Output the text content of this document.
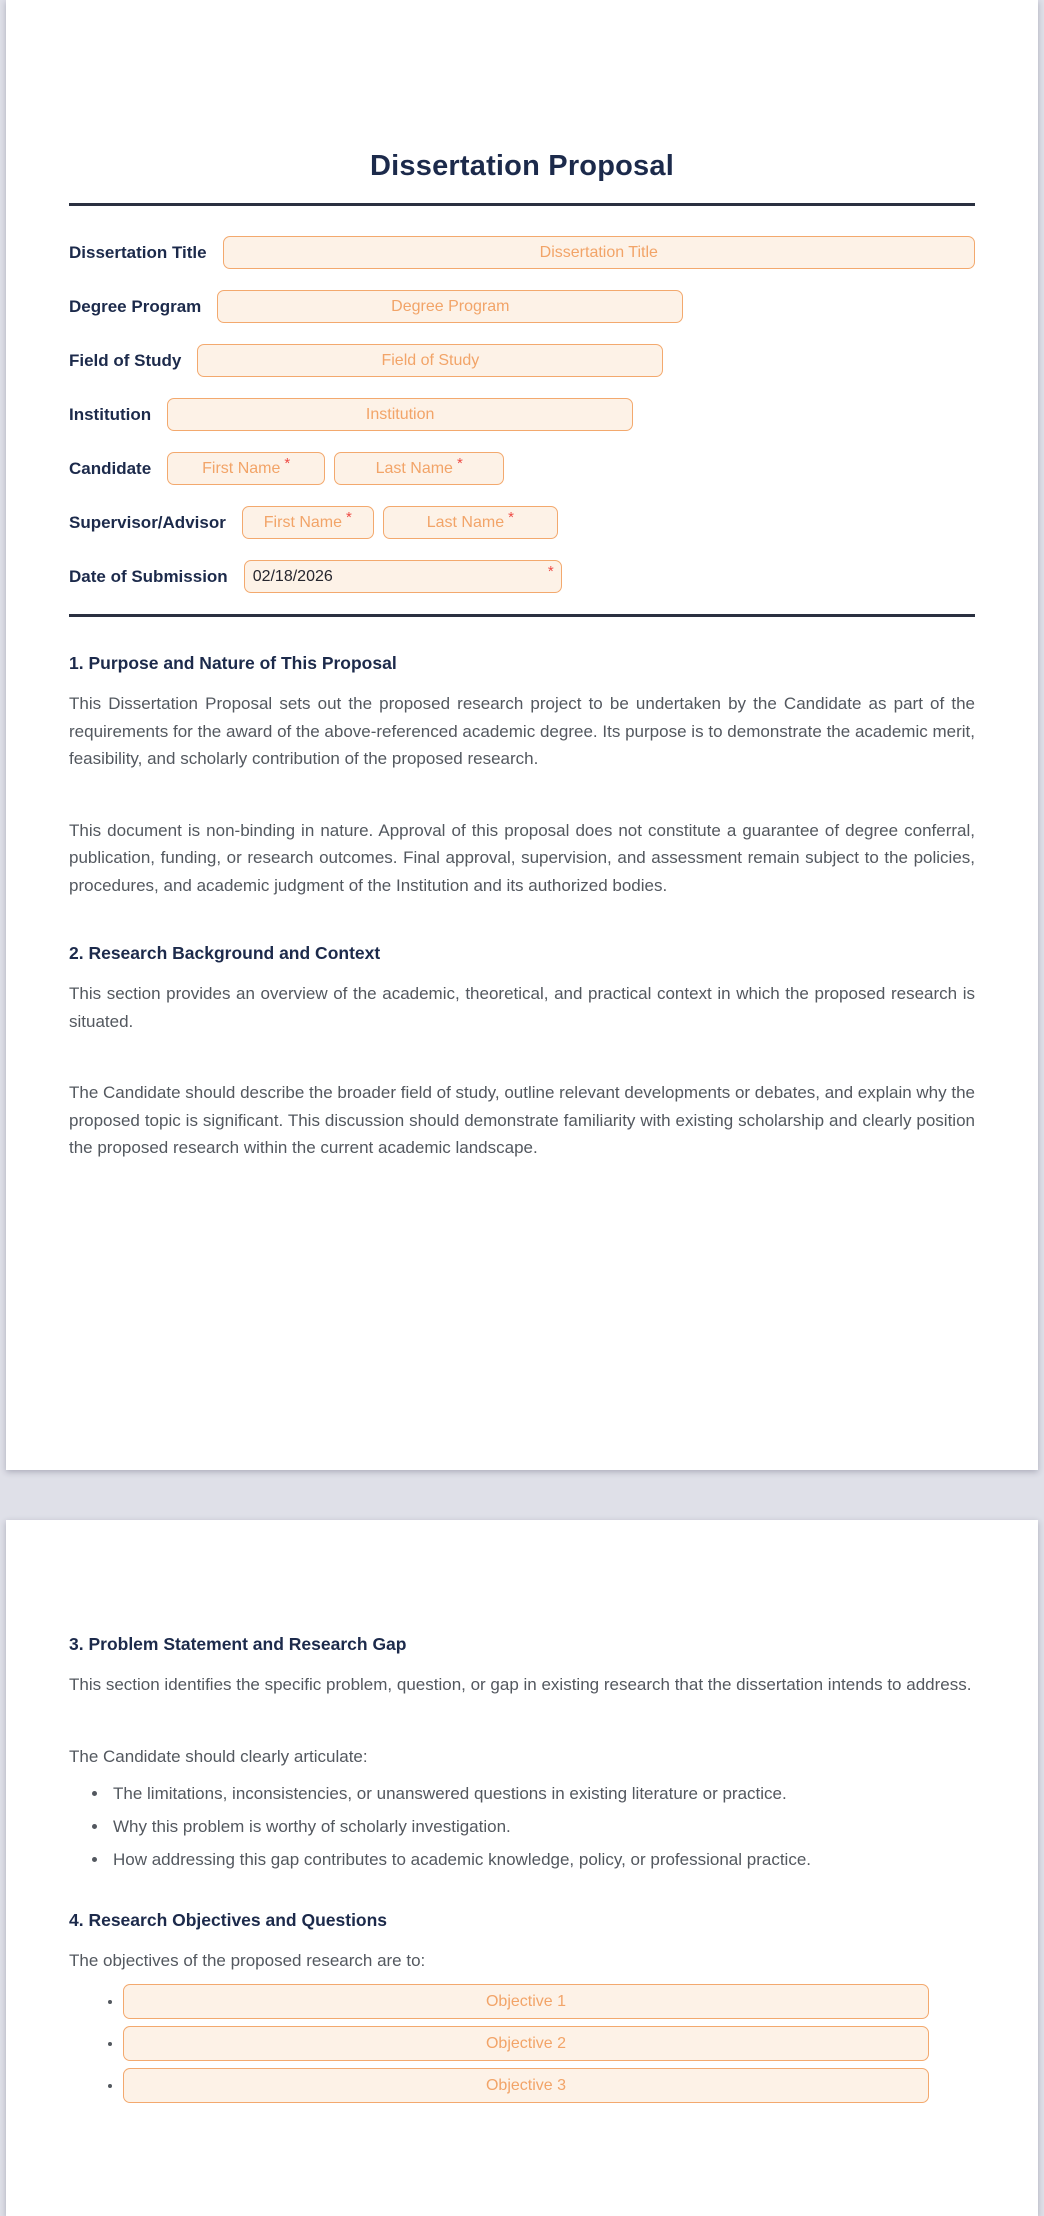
Dissertation Proposal
Dissertation Title
Dissertation Title
Degree Program
Degree Program
Field of Study
Field of Study
Institution
Institution
Candidate	First Name *	Last Name *
Supervisor/Advisor First Name *	Last Name *
Date of Submission
02/18/2026	*
1. Purpose and Nature of This Proposal

This Dissertation Proposal sets out the proposed research project to be undertaken by the Candidate as part of the requirements for the award of the above-referenced academic degree. Its purpose is to demonstrate the academic merit, feasibility, and scholarly contribution of the proposed research.

This document is non-binding in nature. Approval of this proposal does not constitute a guarantee of degree conferral, publication, funding, or research outcomes. Final approval, supervision, and assessment remain subject to the policies, procedures, and academic judgment of the Institution and its authorized bodies.

2. Research Background and Context

This section provides an overview of the academic, theoretical, and practical context in which the proposed research is situated.

The Candidate should describe the broader field of study, outline relevant developments or debates, and explain why the proposed topic is significant. This discussion should demonstrate familiarity with existing scholarship and clearly position the proposed research within the current academic landscape.

3. Problem Statement and Research Gap

This section identifies the specific problem, question, or gap in existing research that the dissertation intends to address.

The Candidate should clearly articulate:

• The limitations, inconsistencies, or unanswered questions in existing literature or practice.
• Why this problem is worthy of scholarly investigation.
• How addressing this gap contributes to academic knowledge, policy, or professional practice.
4. Research Objectives and Questions

The objectives of the proposed research are to:

•
Objective 1
•
Objective 2
•
Objective 3
